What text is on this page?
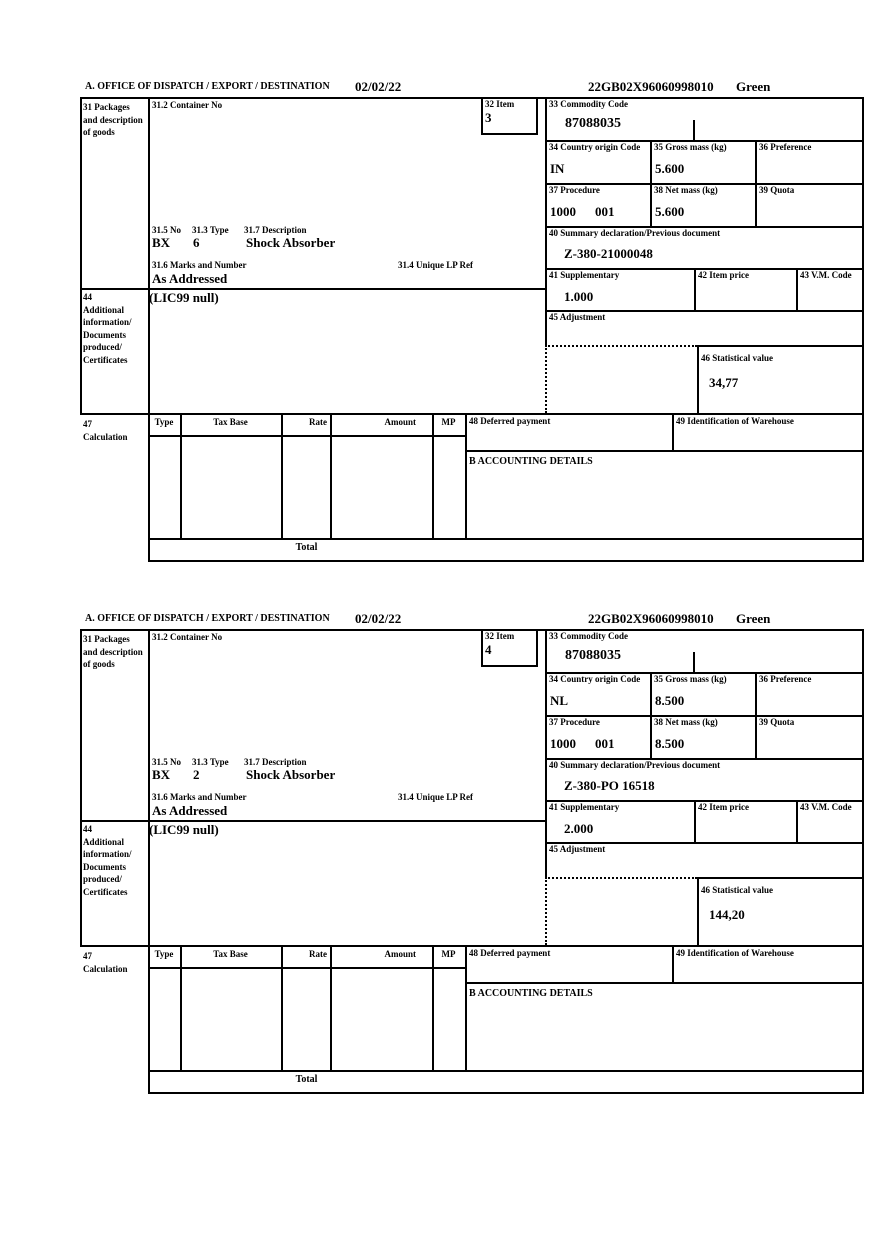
A. OFFICE OF DISPATCH / EXPORT / DESTINATION 02/02/22	22GB02X96060998010 Green
31 Packages and description of goods
31.2 Container No	32 Item
3
33 Commodity Code
87088035
34 Country origin Code
IN
35 Gross mass (kg)
5.600
36 Preference
37 Procedure
1000 001
38 Net mass (kg)
5.600
39 Quota
40 Summary declaration/Previous document
Z-380-21000048
41 Supplementary
1.000
42 Item price	43 V.M. Code
45 Adjustment
46 Statistical value
34,77
31.5 No 31.3 Type 31.7 Description
BX 6	Shock Absorber
31.6 Marks and Number	31.4 Unique LP Ref
As Addressed
44
Additional information/ Documents produced/ Certificates
(LIC99 null)
47
Calculation
Type	Tax Base	Rate	Amount	MP
Total
48 Deferred payment	49 Identification of Warehouse
B ACCOUNTING DETAILS
A. OFFICE OF DISPATCH / EXPORT / DESTINATION 02/02/22	22GB02X96060998010 Green
31 Packages and description of goods
31.2 Container No	32 Item
4
33 Commodity Code
87088035
34 Country origin Code
NL
35 Gross mass (kg)
8.500
36 Preference
37 Procedure
1000 001
38 Net mass (kg)
8.500
39 Quota
40 Summary declaration/Previous document
Z-380-PO 16518
41 Supplementary
2.000
42 Item price	43 V.M. Code
45 Adjustment
46 Statistical value
144,20
31.5 No 31.3 Type 31.7 Description
BX 2	Shock Absorber
31.6 Marks and Number	31.4 Unique LP Ref
As Addressed
44
Additional information/ Documents produced/ Certificates
(LIC99 null)
47
Calculation
Type	Tax Base	Rate	Amount	MP
Total
48 Deferred payment	49 Identification of Warehouse
B ACCOUNTING DETAILS
